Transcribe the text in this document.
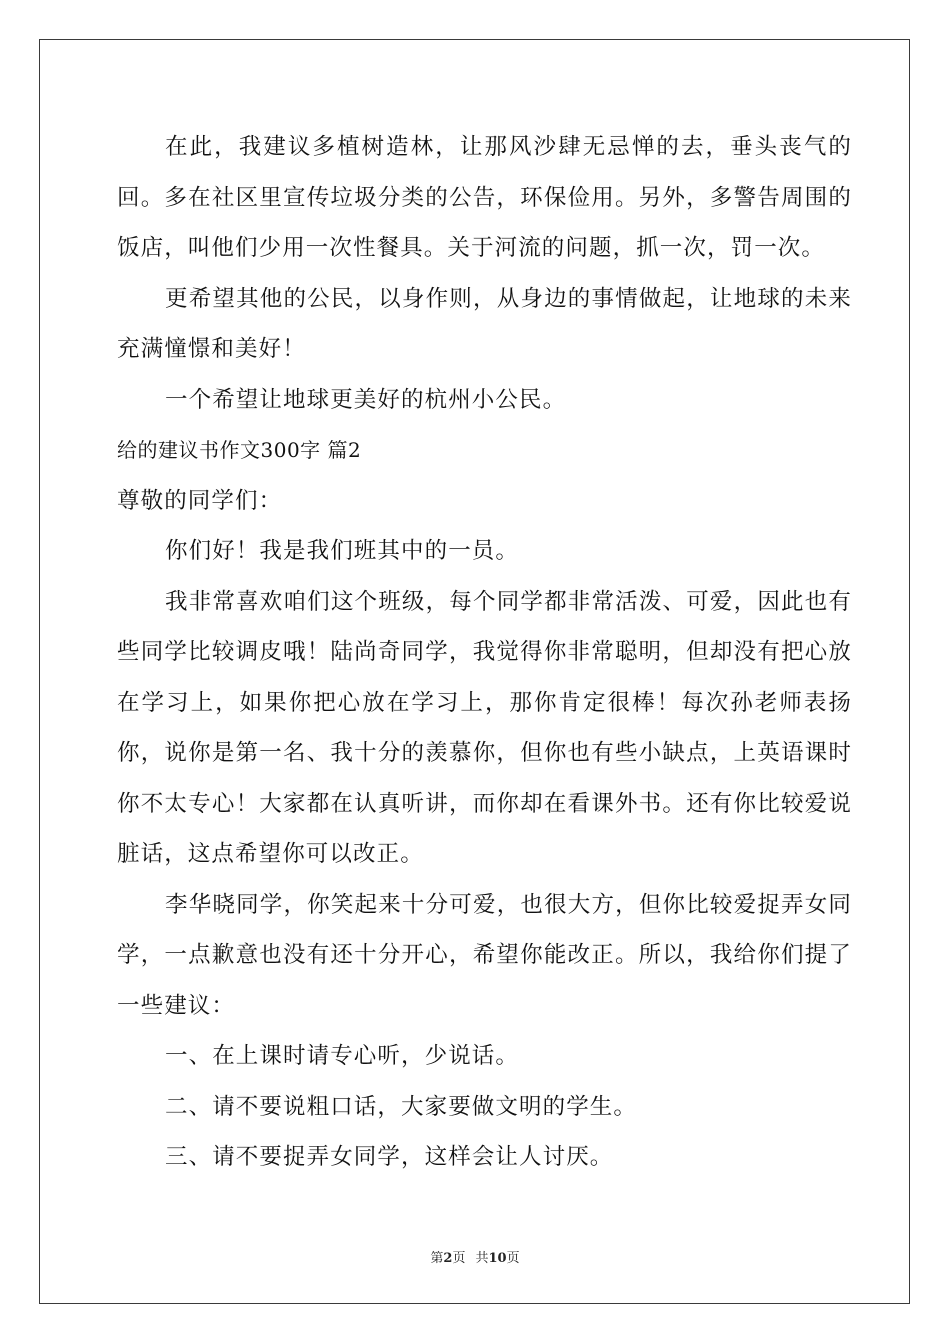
在此，我建议多植树造林，让那风沙肆无忌惮的去，垂头丧气的回。多在社区里宣传垃圾分类的公告，环保俭用。另外，多警告周围的饭店，叫他们少用一次性餐具。关于河流的问题，抓一次，罚一次。

更希望其他的公民，以身作则，从身边的事情做起，让地球的未来充满憧憬和美好！

一个希望让地球更美好的杭州小公民。

给的建议书作文300字 篇2

尊敬的同学们：

你们好！我是我们班其中的一员。

我非常喜欢咱们这个班级，每个同学都非常活泼、可爱，因此也有些同学比较调皮哦！陆尚奇同学，我觉得你非常聪明，但却没有把心放在学习上，如果你把心放在学习上，那你肯定很棒！每次孙老师表扬你，说你是第一名、我十分的羡慕你，但你也有些小缺点，上英语课时你不太专心！大家都在认真听讲，而你却在看课外书。还有你比较爱说脏话，这点希望你可以改正。

李华晓同学，你笑起来十分可爱，也很大方，但你比较爱捉弄女同学，一点歉意也没有还十分开心，希望你能改正。所以，我给你们提了一些建议：

一、在上课时请专心听，少说话。

二、请不要说粗口话，大家要做文明的学生。

三、请不要捉弄女同学，这样会让人讨厌。

第2页 共10页
